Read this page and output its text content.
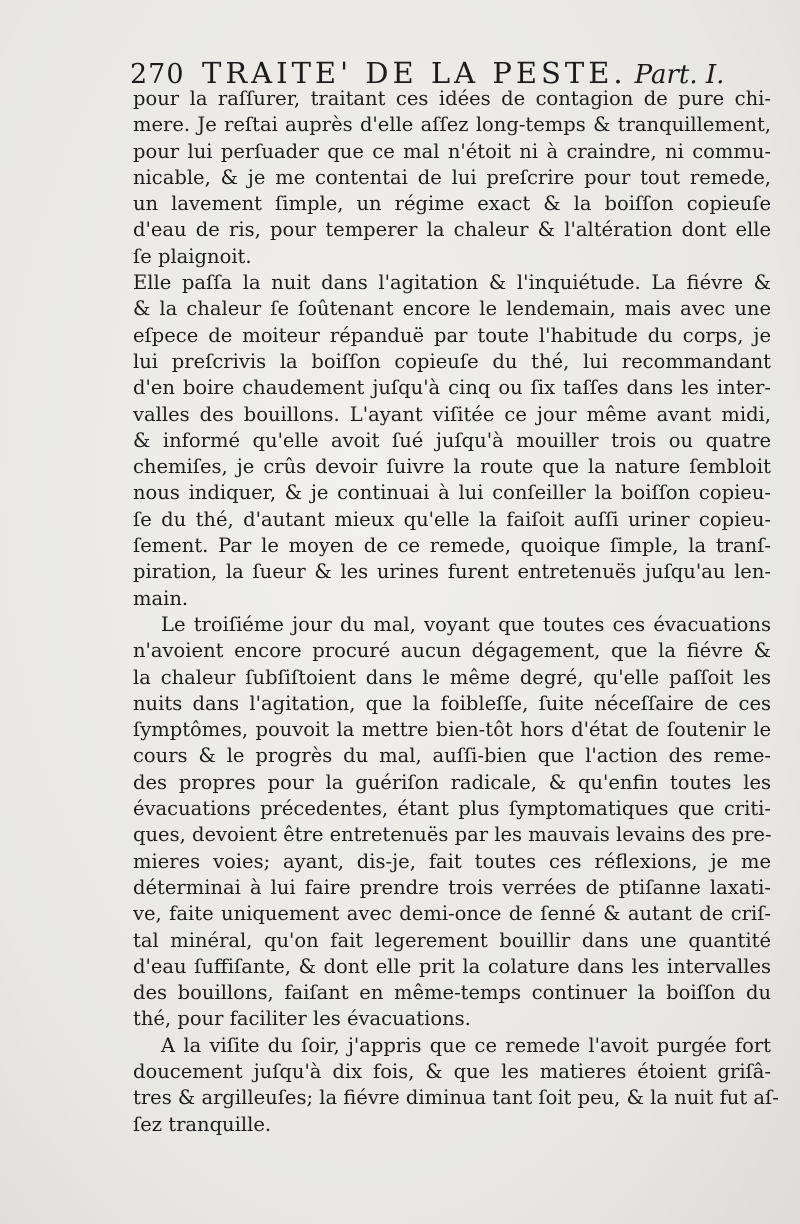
270 TRAITE' DE LA PESTE. Part. I.
pour la raſſurer, traitant ces idées de contagion de pure chi-
mere. Je reſtai auprès d'elle aſſez long-temps & tranquillement,
pour lui perſuader que ce mal n'étoit ni à craindre, ni commu-
nicable, & je me contentai de lui preſcrire pour tout remede,
un lavement ſimple, un régime exact & la boiſſon copieuſe
d'eau de ris, pour temperer la chaleur & l'altération dont elle
ſe plaignoit.
Elle paſſa la nuit dans l'agitation & l'inquiétude. La fiévre &
& la chaleur ſe ſoûtenant encore le lendemain, mais avec une
eſpece de moiteur répanduë par toute l'habitude du corps, je
lui preſcrivis la boiſſon copieuſe du thé, lui recommandant
d'en boire chaudement juſqu'à cinq ou ſix taſſes dans les inter-
valles des bouillons. L'ayant viſitée ce jour même avant midi,
& informé qu'elle avoit ſué juſqu'à mouiller trois ou quatre
chemiſes, je crûs devoir ſuivre la route que la nature ſembloit
nous indiquer, & je continuai à lui conſeiller la boiſſon copieu-
ſe du thé, d'autant mieux qu'elle la faiſoit auſſi uriner copieu-
ſement. Par le moyen de ce remede, quoique ſimple, la tranſ-
piration, la ſueur & les urines furent entretenuës juſqu'au len-
main.
Le troiſiéme jour du mal, voyant que toutes ces évacuations
n'avoient encore procuré aucun dégagement, que la fiévre &
la chaleur ſubſiſtoient dans le même degré, qu'elle paſſoit les
nuits dans l'agitation, que la foibleſſe, ſuite néceſſaire de ces
ſymptômes, pouvoit la mettre bien-tôt hors d'état de ſoutenir le
cours & le progrès du mal, auſſi-bien que l'action des reme-
des propres pour la guériſon radicale, & qu'enfin toutes les
évacuations précedentes, étant plus ſymptomatiques que criti-
ques, devoient être entretenuës par les mauvais levains des pre-
mieres voies; ayant, dis-je, fait toutes ces réflexions, je me
déterminai à lui faire prendre trois verrées de ptiſanne laxati-
ve, faite uniquement avec demi-once de ſenné & autant de criſ-
tal minéral, qu'on fait legerement bouillir dans une quantité
d'eau ſuffiſante, & dont elle prit la colature dans les intervalles
des bouillons, faiſant en même-temps continuer la boiſſon du
thé, pour faciliter les évacuations.
A la viſite du ſoir, j'appris que ce remede l'avoit purgée fort
doucement juſqu'à dix fois, & que les matieres étoient griſâ-
tres & argilleuſes; la fiévre diminua tant ſoit peu, & la nuit fut aſ-
ſez tranquille.
